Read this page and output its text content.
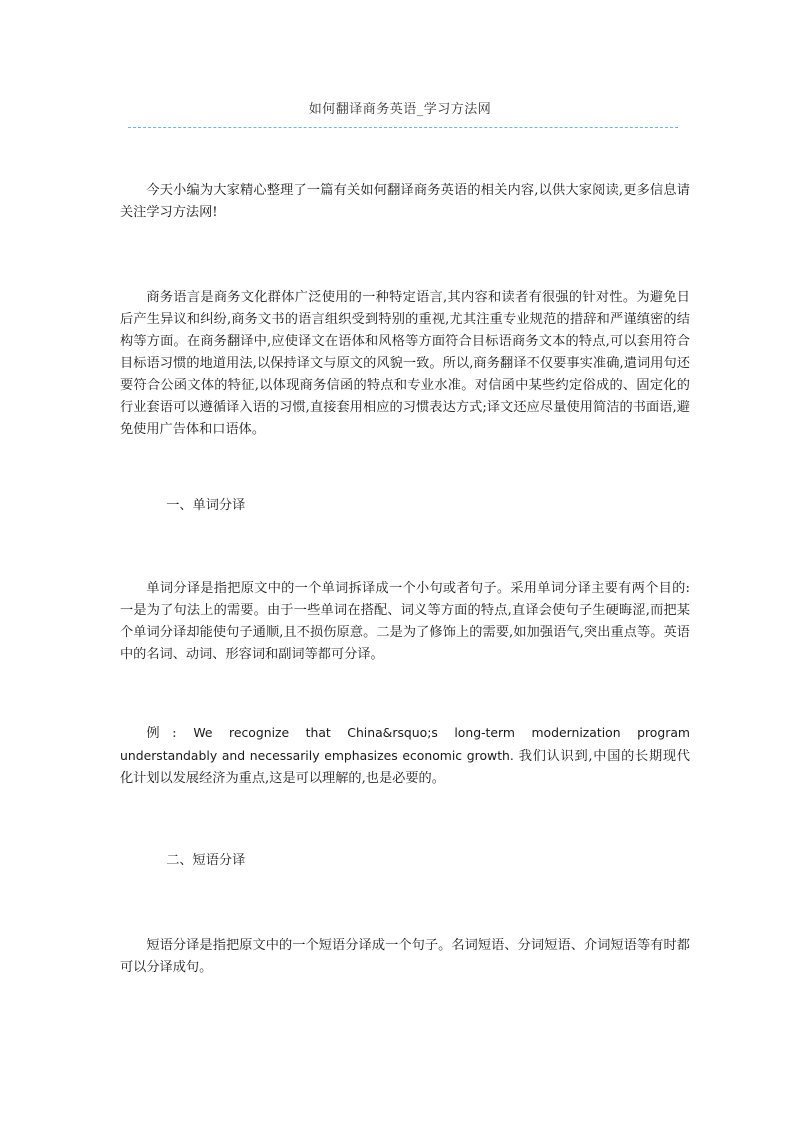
如何翻译商务英语_学习方法网

今天小编为大家精心整理了一篇有关如何翻译商务英语的相关内容,以供大家阅读,更多信息请关注学习方法网!

商务语言是商务文化群体广泛使用的一种特定语言,其内容和读者有很强的针对性。为避免日后产生异议和纠纷,商务文书的语言组织受到特别的重视,尤其注重专业规范的措辞和严谨缜密的结构等方面。在商务翻译中,应使译文在语体和风格等方面符合目标语商务文本的特点,可以套用符合目标语习惯的地道用法,以保持译文与原文的风貌一致。所以,商务翻译不仅要事实准确,遣词用句还要符合公函文体的特征,以体现商务信函的特点和专业水准。对信函中某些约定俗成的、固定化的行业套语可以遵循译入语的习惯,直接套用相应的习惯表达方式;译文还应尽量使用简洁的书面语,避免使用广告体和口语体。

一、单词分译

单词分译是指把原文中的一个单词拆译成一个小句或者句子。采用单词分译主要有两个目的:一是为了句法上的需要。由于一些单词在搭配、词义等方面的特点,直译会使句子生硬晦涩,而把某个单词分译却能使句子通顺,且不损伤原意。二是为了修饰上的需要,如加强语气,突出重点等。英语中的名词、动词、形容词和副词等都可分译。

例: We recognize that China&rsquo;s long-term modernization program understandably and necessarily emphasizes economic growth. 我们认识到,中国的长期现代化计划以发展经济为重点,这是可以理解的,也是必要的。

二、短语分译

短语分译是指把原文中的一个短语分译成一个句子。名词短语、分词短语、介词短语等有时都可以分译成句。
